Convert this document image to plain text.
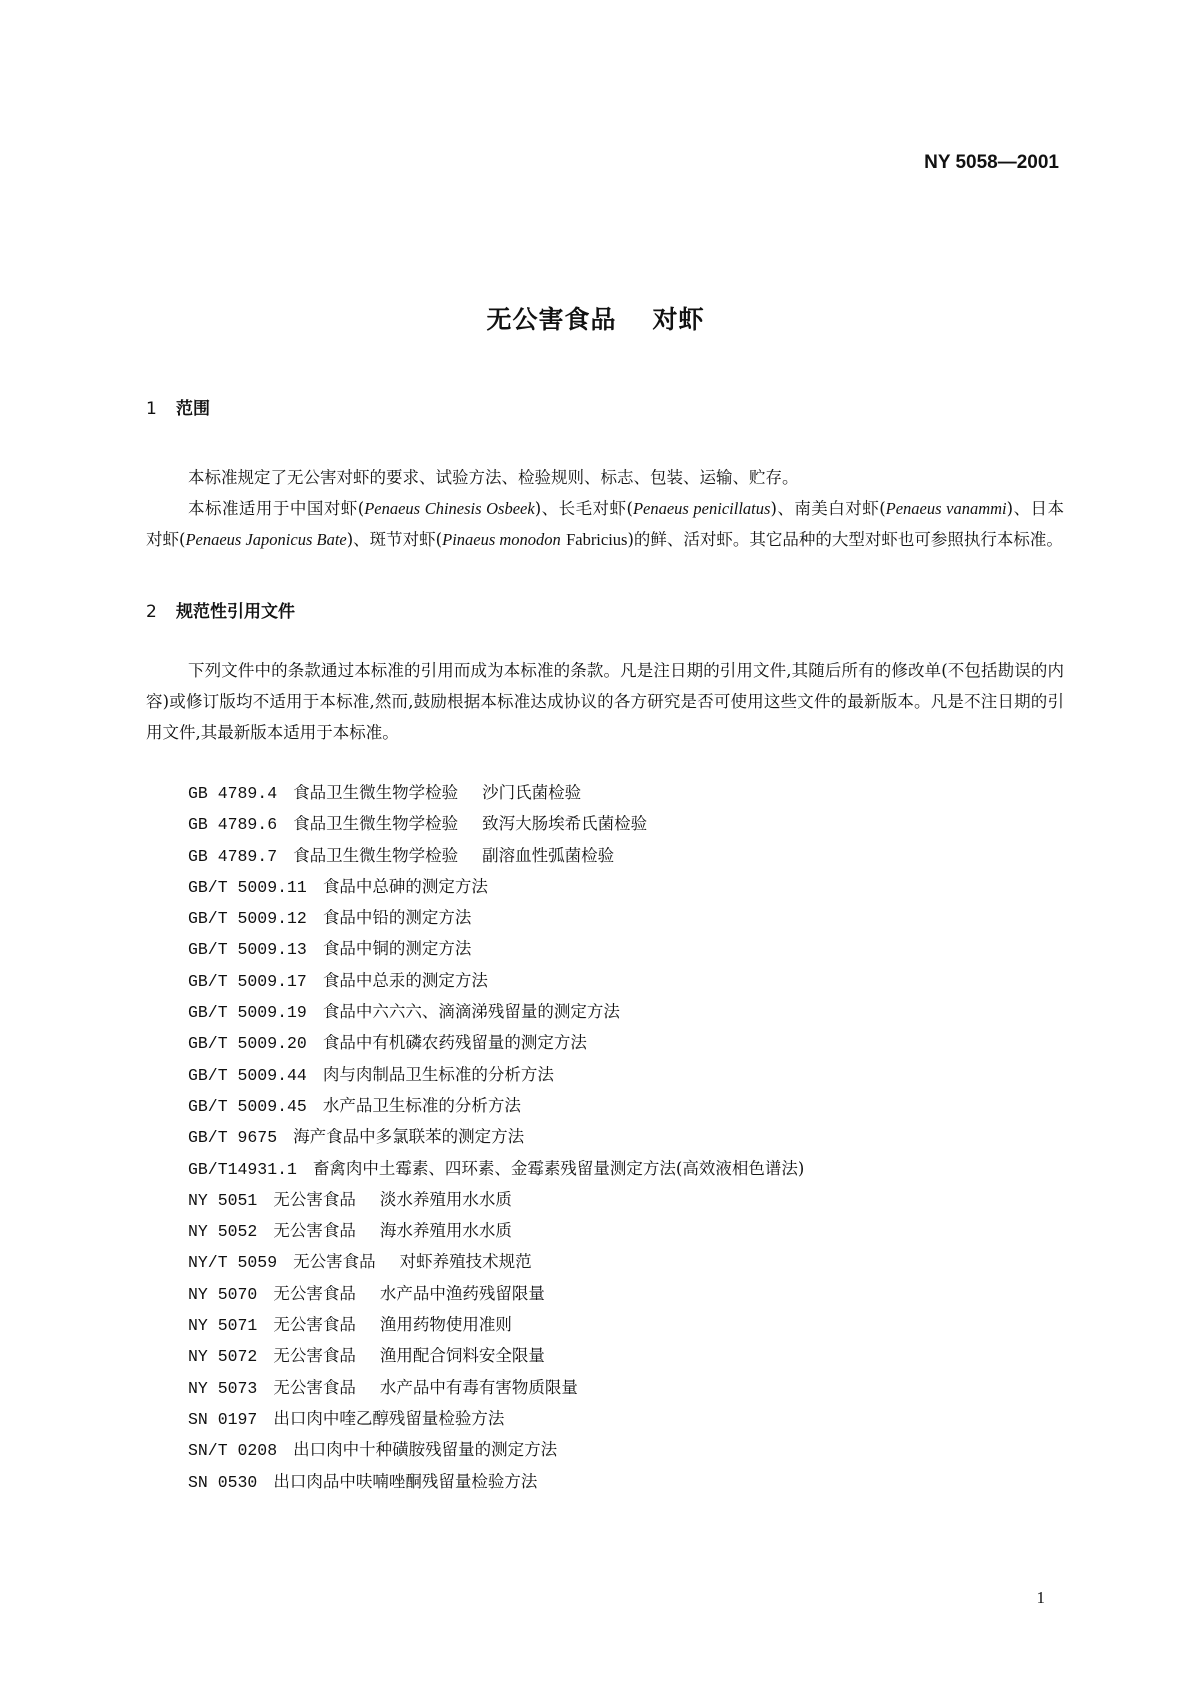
NY 5058—2001
无公害食品 对虾
1 范围

本标准规定了无公害对虾的要求、试验方法、检验规则、标志、包装、运输、贮存。

本标准适用于中国对虾(Penaeus Chinesis Osbeek)、长毛对虾(Penaeus penicillatus)、南美白对虾(Penaeus vanammi)、日本对虾(Penaeus Japonicus Bate)、斑节对虾(Pinaeus monodon Fabricius)的鲜、活对虾。其它品种的大型对虾也可参照执行本标准。

2 规范性引用文件

下列文件中的条款通过本标准的引用而成为本标准的条款。凡是注日期的引用文件,其随后所有的修改单(不包括勘误的内容)或修订版均不适用于本标准,然而,鼓励根据本标准达成协议的各方研究是否可使用这些文件的最新版本。凡是不注日期的引用文件,其最新版本适用于本标准。

GB 4789.4 食品卫生微生物学检验 沙门氏菌检验
GB 4789.6 食品卫生微生物学检验 致泻大肠埃希氏菌检验
GB 4789.7 食品卫生微生物学检验 副溶血性弧菌检验
GB/T 5009.11 食品中总砷的测定方法
GB/T 5009.12 食品中铅的测定方法
GB/T 5009.13 食品中铜的测定方法
GB/T 5009.17 食品中总汞的测定方法
GB/T 5009.19 食品中六六六、滴滴涕残留量的测定方法
GB/T 5009.20 食品中有机磷农药残留量的测定方法
GB/T 5009.44 肉与肉制品卫生标准的分析方法
GB/T 5009.45 水产品卫生标准的分析方法
GB/T 9675 海产食品中多氯联苯的测定方法
GB/T14931.1 畜禽肉中土霉素、四环素、金霉素残留量测定方法(高效液相色谱法)
NY 5051 无公害食品 淡水养殖用水水质
NY 5052 无公害食品 海水养殖用水水质
NY/T 5059 无公害食品 对虾养殖技术规范
NY 5070 无公害食品 水产品中渔药残留限量
NY 5071 无公害食品 渔用药物使用准则
NY 5072 无公害食品 渔用配合饲料安全限量
NY 5073 无公害食品 水产品中有毒有害物质限量
SN 0197 出口肉中喹乙醇残留量检验方法
SN/T 0208 出口肉中十种磺胺残留量的测定方法
SN 0530 出口肉品中呋喃唑酮残留量检验方法
1
